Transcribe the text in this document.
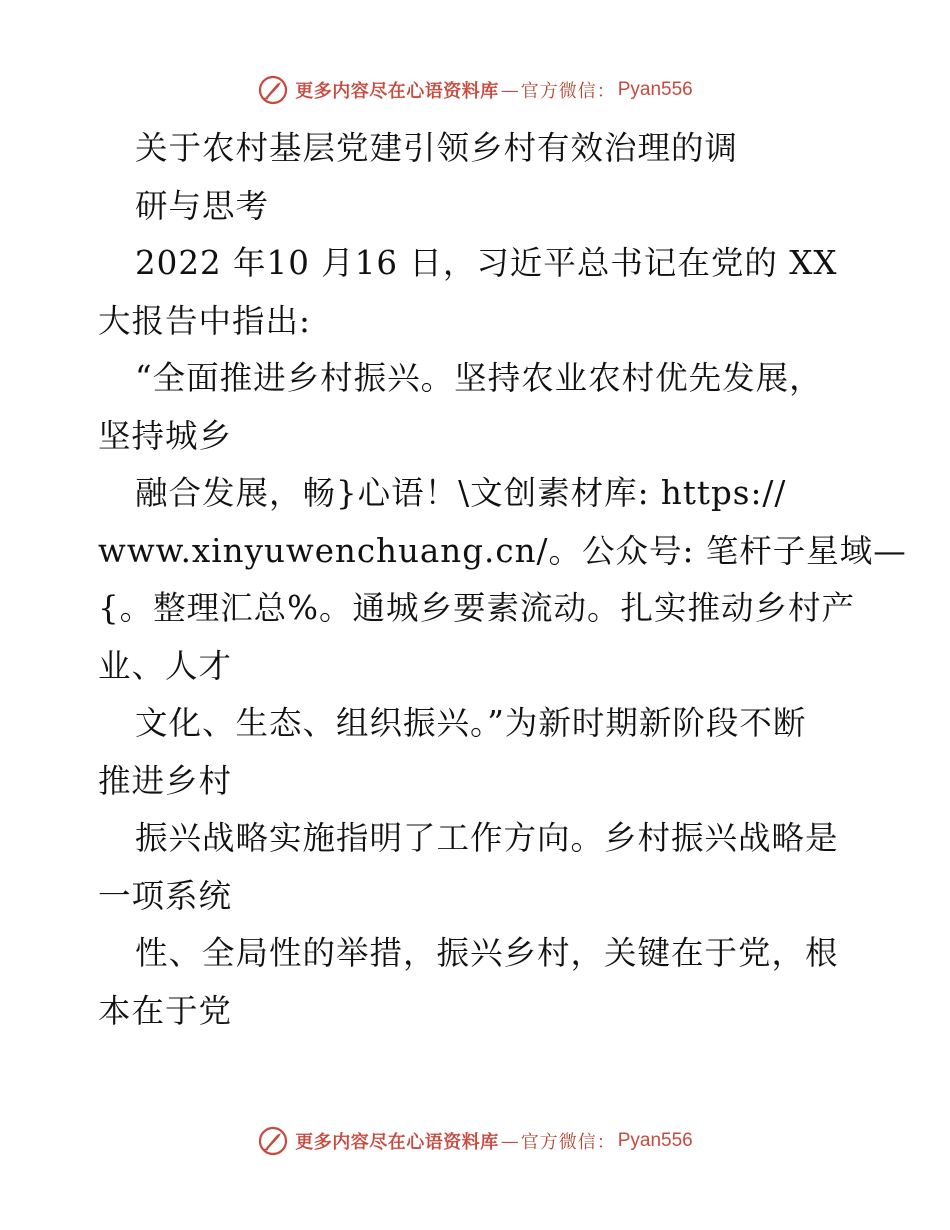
更多内容尽在心语资料库 — 官方微信： Pyan556
关于农村基层党建引领乡村有效治理的调
研与思考
2022 年10 月16 日，习近平总书记在党的 XX
大报告中指出:
“全面推进乡村振兴。坚持农业农村优先发展，
坚持城乡
融合发展，畅}心语！\文创素材库: https://
www.xinyuwenchuang.cn/。公众号: 笔杆子星域—
{。整理汇总%。通城乡要素流动。扎实推动乡村产
业、人才
文化、生态、组织振兴。”为新时期新阶段不断
推进乡村
振兴战略实施指明了工作方向。乡村振兴战略是
一项系统
性、全局性的举措，振兴乡村，关键在于党，根
本在于党
更多内容尽在心语资料库 — 官方微信： Pyan556
